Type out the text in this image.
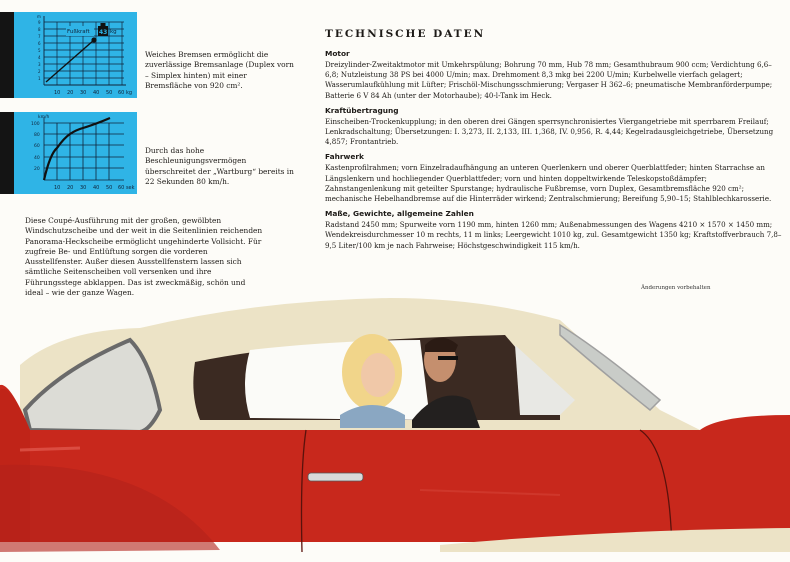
Fußkraft 43 kg
1
2
3
4
5
6
7
8
9
m
10 20 30 40 50 60 kg
Weiches Bremsen ermöglicht die zuverlässige Bremsanlage (Duplex vorn – Simplex hinten) mit einer Bremsfläche von 920 cm².
20
40
60
80
100
km/h
10 20 30 40 50 60 sek
Durch das hohe Beschleunigungsvermögen überschreitet der „Wartburg“ bereits in 22 Sekunden 80 km/h.
Diese Coupé-Ausführung mit der großen, gewölbten Windschutzscheibe und der weit in die Seitenlinien reichenden Panorama-Heckscheibe ermöglicht ungehinderte Vollsicht. Für zugfreie Be- und Entlüftung sorgen die vorderen Ausstellfenster. Außer diesen Ausstellfenstern lassen sich sämtliche Seitenscheiben voll versenken und ihre Führungsstege abklappen. Das ist zweckmäßig, schön und ideal – wie der ganze Wagen.
TECHNISCHE DATEN
Motor

Dreizylinder-Zweitaktmotor mit Umkehrspülung; Bohrung 70 mm, Hub 78 mm; Gesamthubraum 900 ccm; Verdichtung 6,6–6,8; Nutzleistung 38 PS bei 4000 U/min; max. Drehmoment 8,3 mkg bei 2200 U/min; Kurbelwelle vierfach gelagert; Wasserumlaufkühlung mit Lüfter; Frischöl-Mischungsschmierung; Vergaser H 362–6; pneumatische Membranförderpumpe; Batterie 6 V 84 Ah (unter der Motorhaube); 40-l-Tank im Heck.

Kraftübertragung

Einscheiben-Trockenkupplung; in den oberen drei Gängen sperrsynchronisiertes Viergangetriebe mit sperrbarem Freilauf; Lenkradschaltung; Übersetzungen: I. 3,273, II. 2,133, III. 1,368, IV. 0,956, R. 4,44; Kegelradausgleichgetriebe, Übersetzung 4,857; Frontantrieb.

Fahrwerk

Kastenprofilrahmen; vorn Einzelradaufhängung an unteren Querlenkern und oberer Querblattfeder; hinten Starrachse an Längslenkern und hochliegender Querblattfeder; vorn und hinten doppeltwirkende Teleskopstoßdämpfer; Zahnstangenlenkung mit geteilter Spurstange; hydraulische Fußbremse, vorn Duplex, Gesamtbremsfläche 920 cm²; mechanische Hebelhandbremse auf die Hinterräder wirkend; Zentralschmierung; Bereifung 5,90–15; Stahlblechkarosserie.

Maße, Gewichte, allgemeine Zahlen

Radstand 2450 mm; Spurweite vorn 1190 mm, hinten 1260 mm; Außenabmessungen des Wagens 4210 × 1570 × 1450 mm; Wendekreisdurchmesser 10 m rechts, 11 m links; Leergewicht 1010 kg, zul. Gesamtgewicht 1350 kg; Kraftstoffverbrauch 7,8–9,5 Liter/100 km je nach Fahrweise; Höchstgeschwindigkeit 115 km/h.

Änderungen vorbehalten
